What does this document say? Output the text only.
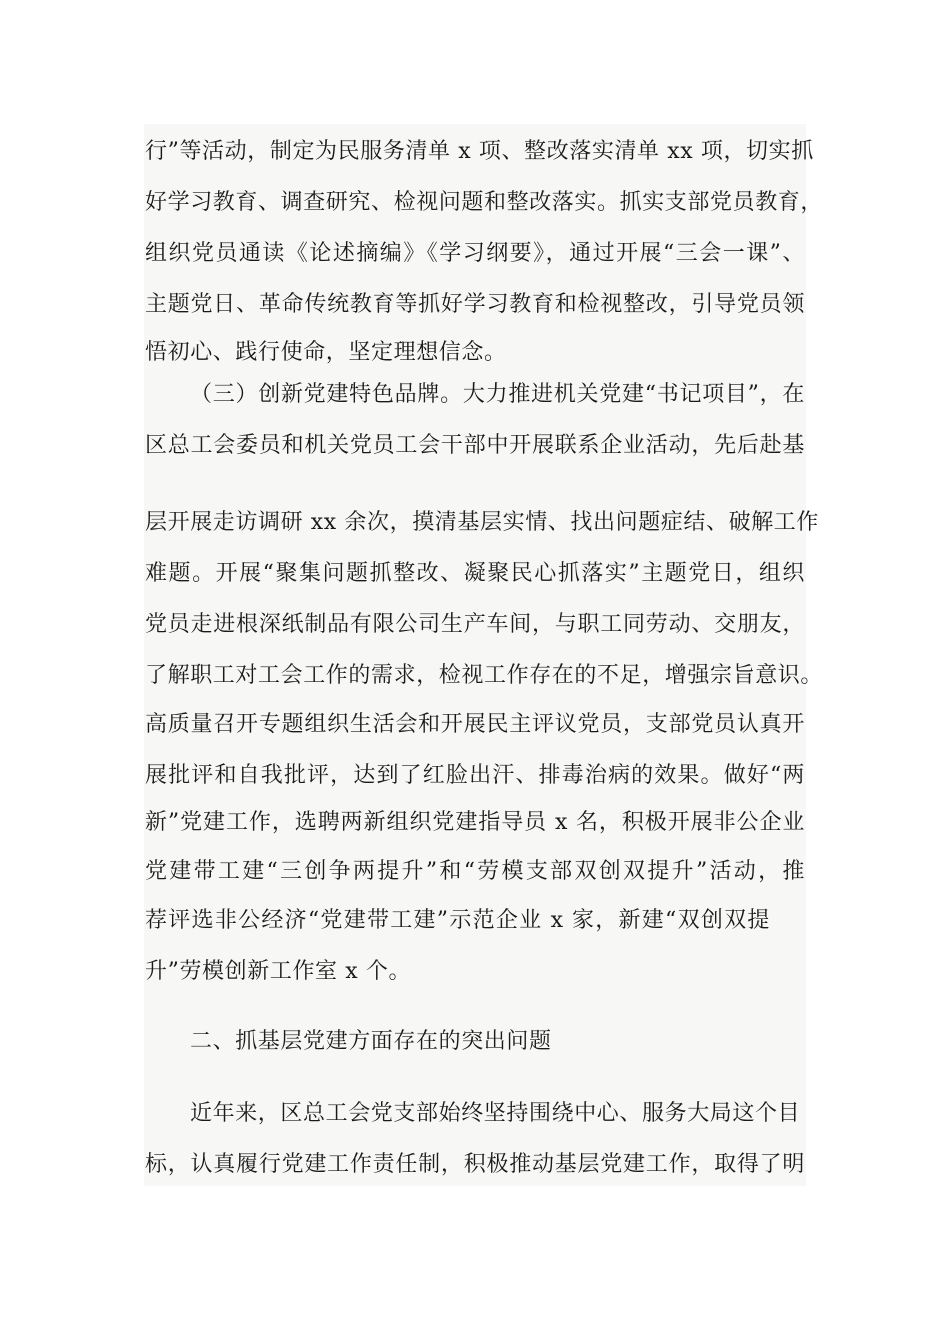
行”等活动，制定为民服务清单 x 项、整改落实清单 xx 项，切实抓
好学习教育、调查研究、检视问题和整改落实。抓实支部党员教育，
组织党员通读《论述摘编》《学习纲要》，通过开展“三会一课”、
主题党日、革命传统教育等抓好学习教育和检视整改，引导党员领
悟初心、践行使命，坚定理想信念。
（三）创新党建特色品牌。大力推进机关党建“书记项目”，在
区总工会委员和机关党员工会干部中开展联系企业活动，先后赴基
层开展走访调研 xx 余次，摸清基层实情、找出问题症结、破解工作
难题。开展“聚集问题抓整改、凝聚民心抓落实”主题党日，组织
党员走进根深纸制品有限公司生产车间，与职工同劳动、交朋友，
了解职工对工会工作的需求，检视工作存在的不足，增强宗旨意识。
高质量召开专题组织生活会和开展民主评议党员，支部党员认真开
展批评和自我批评，达到了红脸出汗、排毒治病的效果。做好“两
新”党建工作，选聘两新组织党建指导员 x 名，积极开展非公企业
党建带工建“三创争两提升”和“劳模支部双创双提升”活动，推
荐评选非公经济“党建带工建”示范企业 x 家，新建“双创双提
升”劳模创新工作室 x 个。
二、抓基层党建方面存在的突出问题
近年来，区总工会党支部始终坚持围绕中心、服务大局这个目
标，认真履行党建工作责任制，积极推动基层党建工作，取得了明
